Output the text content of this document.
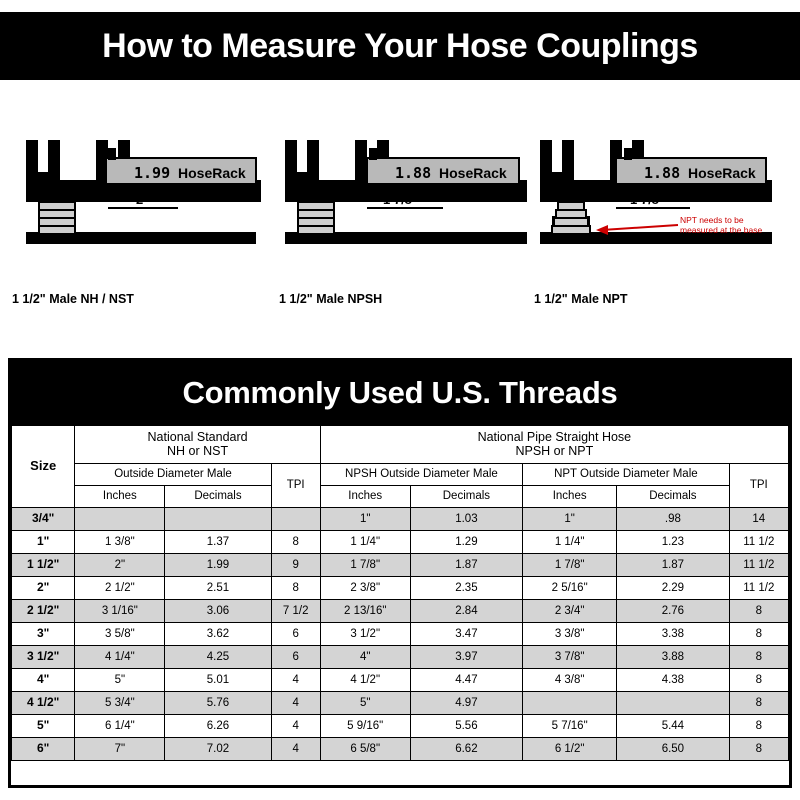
How to Measure Your Hose Couplings
1.99 HoseRack
2"
1 1/2" Male NH / NST
1.88 HoseRack
1 7/8"
1 1/2" Male NPSH
1.88 HoseRack
1 7/8"
NPT needs to be
measured at the base
1 1/2" Male NPT
Commonly Used U.S. Threads
Size	National Standard
NH or NST			National Pipe Straight Hose
NPSH or NPT				
	Outside Diameter Male		TPI	NPSH Outside Diameter Male		NPT Outside Diameter Male		TPI
	Inches	Decimals		Inches	Decimals	Inches	Decimals	
3/4"				1"	1.03	1"	.98	14
1"	1 3/8"	1.37	8	1 1/4"	1.29	1 1/4"	1.23	11 1/2
1 1/2"	2"	1.99	9	1 7/8"	1.87	1 7/8"	1.87	11 1/2
2"	2 1/2"	2.51	8	2 3/8"	2.35	2 5/16"	2.29	11 1/2
2 1/2"	3 1/16"	3.06	7 1/2	2 13/16"	2.84	2 3/4"	2.76	8
3"	3 5/8"	3.62	6	3 1/2"	3.47	3 3/8"	3.38	8
3 1/2"	4 1/4"	4.25	6	4"	3.97	3 7/8"	3.88	8
4"	5"	5.01	4	4 1/2"	4.47	4 3/8"	4.38	8
4 1/2"	5 3/4"	5.76	4	5"	4.97			8
5"	6 1/4"	6.26	4	5 9/16"	5.56	5 7/16"	5.44	8
6"	7"	7.02	4	6 5/8"	6.62	6 1/2"	6.50	8
